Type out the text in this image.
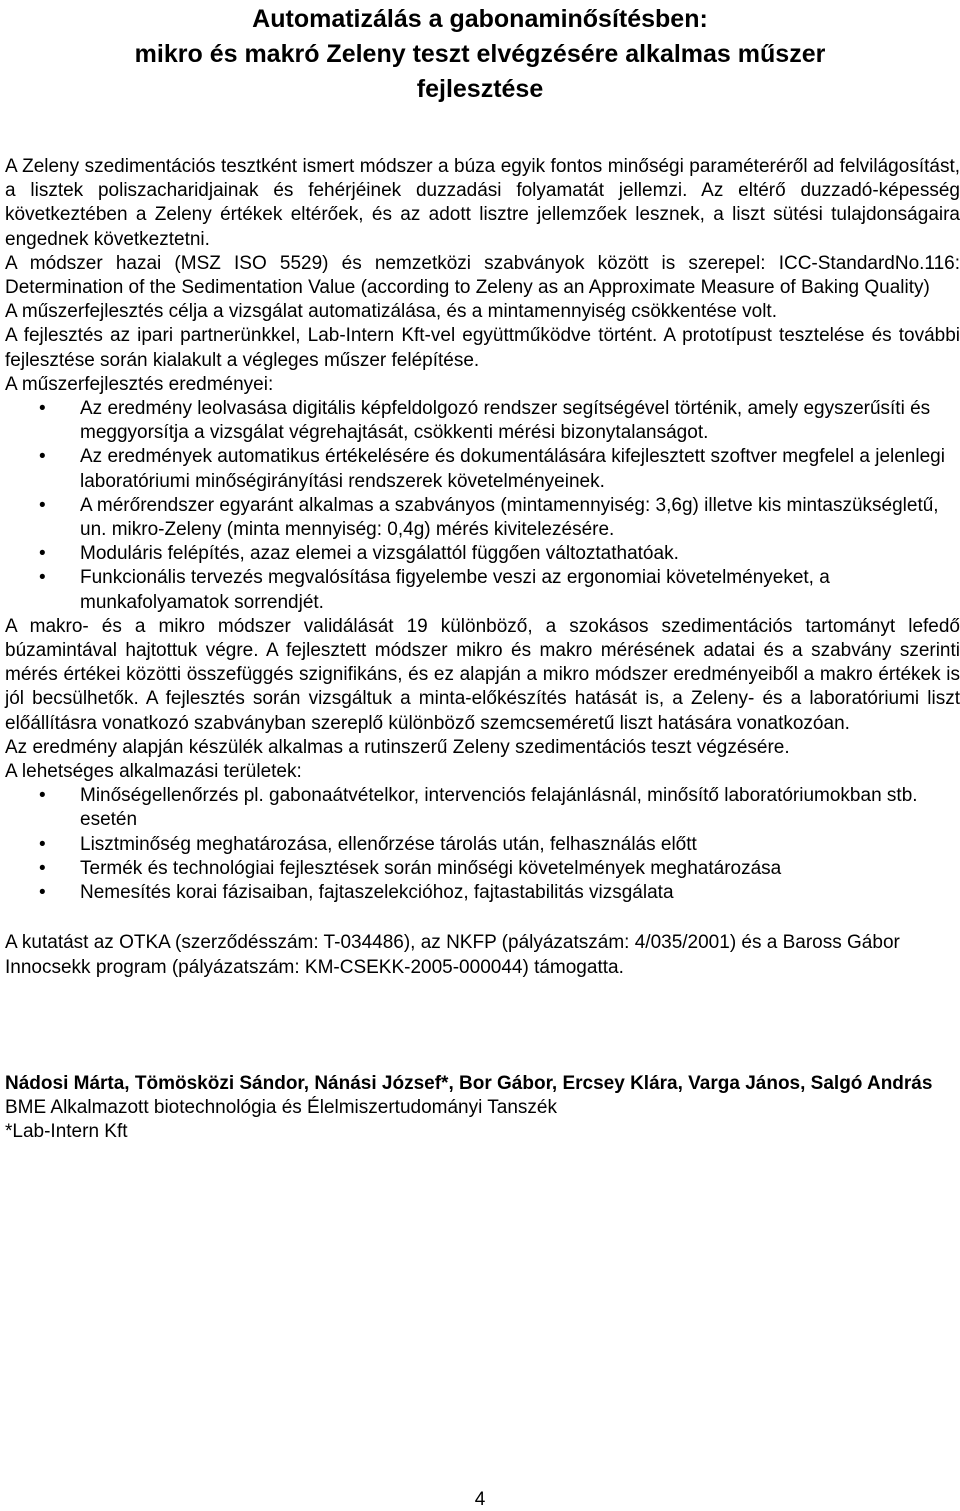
Automatizálás a gabonaminősítésben:
mikro és makró Zeleny teszt elvégzésére alkalmas műszer
fejlesztése

A Zeleny szedimentációs tesztként ismert módszer a búza egyik fontos minőségi paraméteréről ad felvilágosítást, a lisztek poliszacharidjainak és fehérjéinek duzzadási folyamatát jellemzi. Az eltérő duzzadó-képesség következtében a Zeleny értékek eltérőek, és az adott lisztre jellemzőek lesznek, a liszt sütési tulajdonságaira engednek következtetni.

A módszer hazai (MSZ ISO 5529) és nemzetközi szabványok között is szerepel: ICC-StandardNo.116: Determination of the Sedimentation Value (according to Zeleny as an Approximate Measure of Baking Quality)

A műszerfejlesztés célja a vizsgálat automatizálása, és a mintamennyiség csökkentése volt.

A fejlesztés az ipari partnerünkkel, Lab-Intern Kft-vel együttműködve történt. A prototípust tesztelése és további fejlesztése során kialakult a végleges műszer felépítése.

A műszerfejlesztés eredményei:

• Az eredmény leolvasása digitális képfeldolgozó rendszer segítségével történik, amely egyszerűsíti és meggyorsítja a vizsgálat végrehajtását, csökkenti mérési bizonytalanságot.
• Az eredmények automatikus értékelésére és dokumentálására kifejlesztett szoftver megfelel a jelenlegi laboratóriumi minőségirányítási rendszerek követelményeinek.
• A mérőrendszer egyaránt alkalmas a szabványos (mintamennyiség: 3,6g) illetve kis mintaszükségletű, un. mikro-Zeleny (minta mennyiség: 0,4g) mérés kivitelezésére.
• Moduláris felépítés, azaz elemei a vizsgálattól függően változtathatóak.
• Funkcionális tervezés megvalósítása figyelembe veszi az ergonomiai követelményeket, a munkafolyamatok sorrendjét.

A makro- és a mikro módszer validálását 19 különböző, a szokásos szedimentációs tartományt lefedő búzamintával hajtottuk végre. A fejlesztett módszer mikro és makro mérésének adatai és a szabvány szerinti mérés értékei közötti összefüggés szignifikáns, és ez alapján a mikro módszer eredményeiből a makro értékek is jól becsülhetők. A fejlesztés során vizsgáltuk a minta-előkészítés hatását is, a Zeleny- és a laboratóriumi liszt előállításra vonatkozó szabványban szereplő különböző szemcseméretű liszt hatására vonatkozóan.

Az eredmény alapján készülék alkalmas a rutinszerű Zeleny szedimentációs teszt végzésére.

A lehetséges alkalmazási területek:

• Minőségellenőrzés pl. gabonaátvételkor, intervenciós felajánlásnál, minősítő laboratóriumokban stb. esetén
• Lisztminőség meghatározása, ellenőrzése tárolás után, felhasználás előtt
• Termék és technológiai fejlesztések során minőségi követelmények meghatározása
• Nemesítés korai fázisaiban, fajtaszelekcióhoz, fajtastabilitás vizsgálata

A kutatást az OTKA (szerződésszám: T-034486), az NKFP (pályázatszám: 4/035/2001) és a Baross Gábor Innocsekk program (pályázatszám: KM-CSEKK-2005-000044) támogatta.

Nádosi Márta, Tömösközi Sándor, Nánási József*, Bor Gábor, Ercsey Klára, Varga János, Salgó András

BME Alkalmazott biotechnológia és Élelmiszertudományi Tanszék

*Lab-Intern Kft

4
